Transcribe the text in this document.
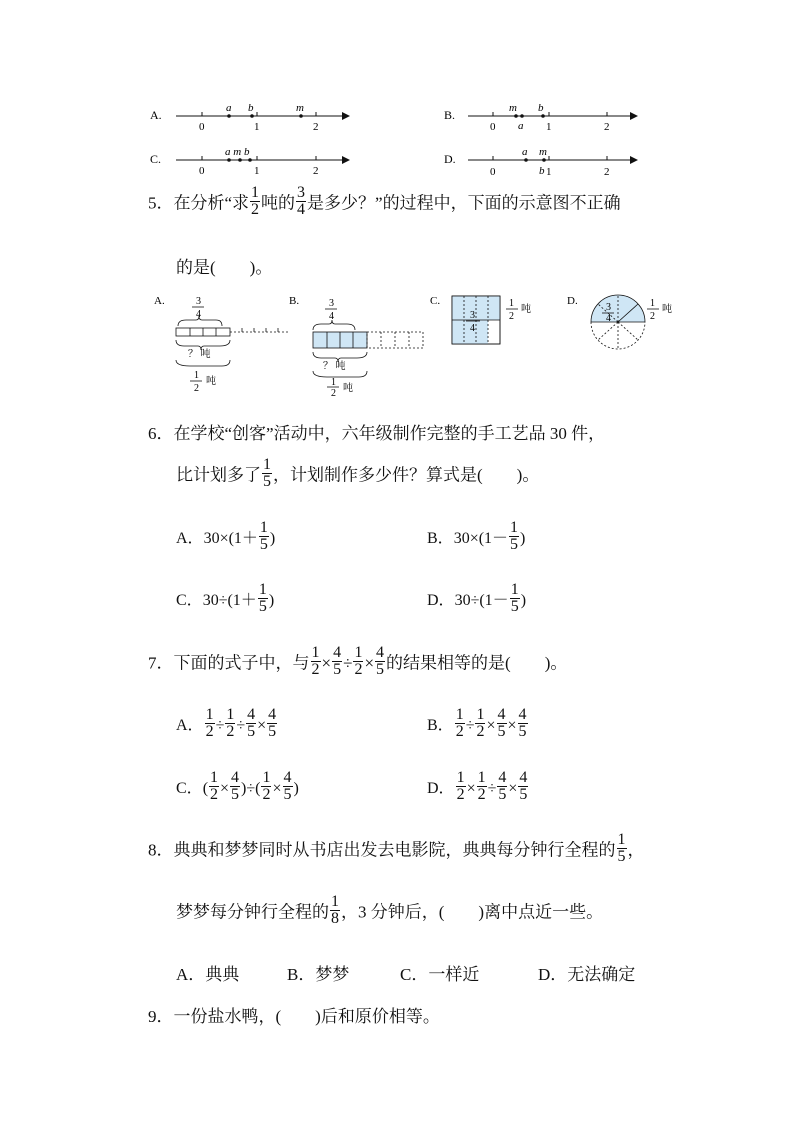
A.	a b	m
0	1	2
B.	m
a
b
0	1	2
C.	a m b
0	1	2
D.	a m
b
0	1	2
5．在分析“求 $\frac{1}{2}$ 吨的 $\frac{3}{4}$ 是多少？”的过程中，下面的示意图不正确
的是(　　)。
A.	3
4
？ 吨
1
2
吨
B.	3
4
？ 吨
1
2 吨
C.
3
4
1
2
吨
D.
3
4
1
2
吨
6．在学校“创客”活动中，六年级制作完整的手工艺品 30 件，
比计划多了 $\frac{1}{5}$ ，计划制作多少件？算式是(　　)。
A．$30\times(1+ \frac{1}{5}$ )	B．$30\times(1- \frac{1}{5}$ )
C．$30\div(1+ \frac{1}{5}$ )	D．$30\div(1- \frac{1}{5}$ )
7．下面的式子中，与 $\frac{1}{2} \times \frac{4}{5} \div \frac{1}{2} \times \frac{4}{5}$ 的结果相等的是(　　)。
A． $\frac{1}{2} \div \frac{1}{2} \div \frac{4}{5} \times \frac{4}{5}$	B． $\frac{1}{2} \div \frac{1}{2} \times \frac{4}{5} \times \frac{4}{5}$
C．( $\frac{1}{2} \times \frac{4}{5}$ )÷( $\frac{1}{2} \times \frac{4}{5}$ )	D． $\frac{1}{2} \times \frac{1}{2} \div \frac{4}{5} \times \frac{4}{5}$
8．典典和梦梦同时从书店出发去电影院，典典每分钟行全程的 $\frac{1}{5}$ ，
梦梦每分钟行全程的 $\frac{1}{8}$ ，3 分钟后，(　　)离中点近一些。
A．典典	B．梦梦	C．一样近	D．无法确定
9．一份盐水鸭，(　　)后和原价相等。
